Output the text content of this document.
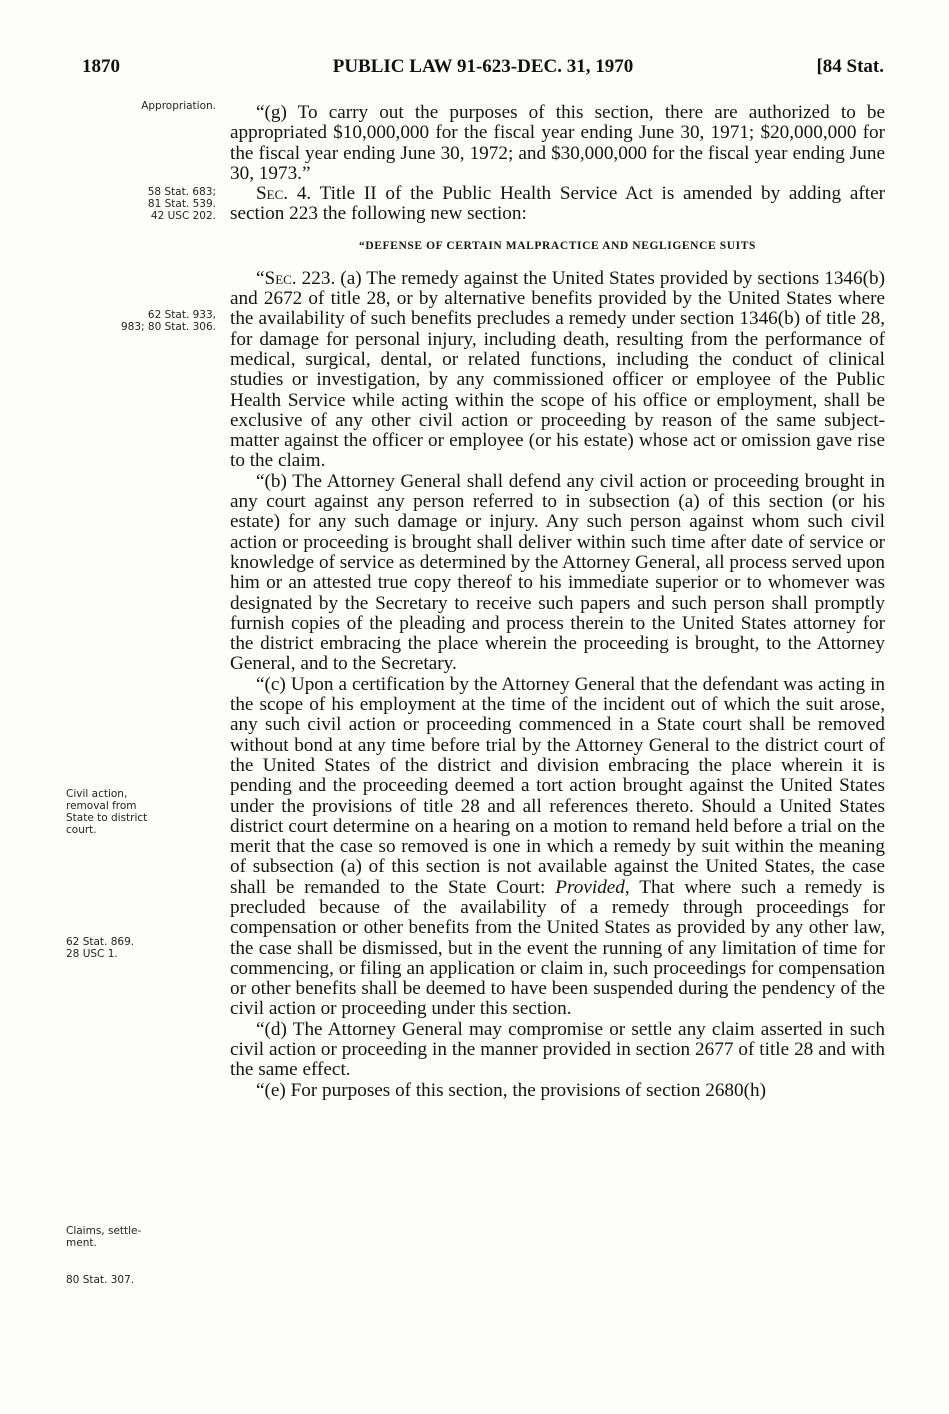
1870	PUBLIC LAW 91-623-DEC. 31, 1970	[84 Stat.
Appropriation.
58 Stat. 683;
81 Stat. 539.
42 USC 202.
62 Stat. 933,
983; 80 Stat. 306.
Civil action,
removal from
State to district
court.
62 Stat. 869.
28 USC 1.
Claims, settle-
ment.
80 Stat. 307.

“(g) To carry out the purposes of this section, there are authorized to be appropriated $10,000,000 for the fiscal year ending June 30, 1971; $20,000,000 for the fiscal year ending June 30, 1972; and $30,000,000 for the fiscal year ending June 30, 1973.”

Sec. 4. Title II of the Public Health Service Act is amended by adding after section 223 the following new section:

“DEFENSE OF CERTAIN MALPRACTICE AND NEGLIGENCE SUITS

“Sec. 223. (a) The remedy against the United States provided by sections 1346(b) and 2672 of title 28, or by alternative benefits provided by the United States where the availability of such benefits precludes a remedy under section 1346(b) of title 28, for damage for personal injury, including death, resulting from the performance of medical, surgical, dental, or related functions, including the conduct of clinical studies or investigation, by any commissioned officer or employee of the Public Health Service while acting within the scope of his office or employment, shall be exclusive of any other civil action or proceeding by reason of the same subject-matter against the officer or employee (or his estate) whose act or omission gave rise to the claim.

“(b) The Attorney General shall defend any civil action or proceeding brought in any court against any person referred to in subsection (a) of this section (or his estate) for any such damage or injury. Any such person against whom such civil action or proceeding is brought shall deliver within such time after date of service or knowledge of service as determined by the Attorney General, all process served upon him or an attested true copy thereof to his immediate superior or to whomever was designated by the Secretary to receive such papers and such person shall promptly furnish copies of the pleading and process therein to the United States attorney for the district embracing the place wherein the proceeding is brought, to the Attorney General, and to the Secretary.

“(c) Upon a certification by the Attorney General that the defendant was acting in the scope of his employment at the time of the incident out of which the suit arose, any such civil action or proceeding commenced in a State court shall be removed without bond at any time before trial by the Attorney General to the district court of the United States of the district and division embracing the place wherein it is pending and the proceeding deemed a tort action brought against the United States under the provisions of title 28 and all references thereto. Should a United States district court determine on a hearing on a motion to remand held before a trial on the merit that the case so removed is one in which a remedy by suit within the meaning of subsection (a) of this section is not available against the United States, the case shall be remanded to the State Court: Provided, That where such a remedy is precluded because of the availability of a remedy through proceedings for compensation or other benefits from the United States as provided by any other law, the case shall be dismissed, but in the event the running of any limitation of time for commencing, or filing an application or claim in, such proceedings for compensation or other benefits shall be deemed to have been suspended during the pendency of the civil action or proceeding under this section.

“(d) The Attorney General may compromise or settle any claim asserted in such civil action or proceeding in the manner provided in section 2677 of title 28 and with the same effect.

“(e) For purposes of this section, the provisions of section 2680(h)
